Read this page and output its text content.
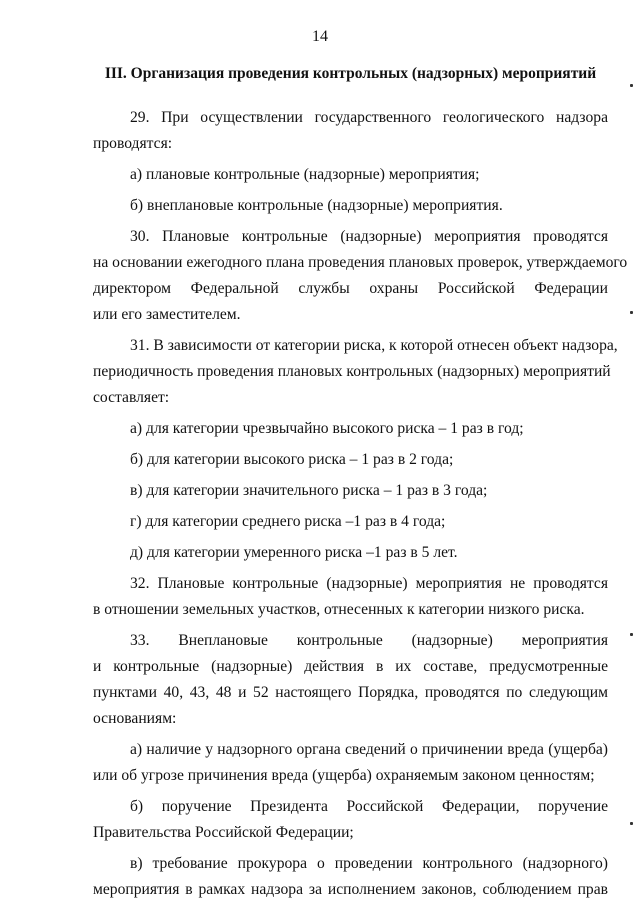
14
III. Организация проведения контрольных (надзорных) мероприятий
29. При осуществлении государственного геологического надзора
проводятся:

а) плановые контрольные (надзорные) мероприятия;

б) внеплановые контрольные (надзорные) мероприятия.

30. Плановые контрольные (надзорные) мероприятия проводятся
на основании ежегодного плана проведения плановых проверок, утверждаемого
директором Федеральной службы охраны Российской Федерации
или его заместителем.
31. В зависимости от категории риска, к которой отнесен объект надзора,
периодичность проведения плановых контрольных (надзорных) мероприятий
составляет:

а) для категории чрезвычайно высокого риска – 1 раз в год;

б) для категории высокого риска – 1 раз в 2 года;

в) для категории значительного риска – 1 раз в 3 года;

г) для категории среднего риска –1 раз в 4 года;

д) для категории умеренного риска –1 раз в 5 лет.

32. Плановые контрольные (надзорные) мероприятия не проводятся
в отношении земельных участков, отнесенных к категории низкого риска.
33. Внеплановые контрольные (надзорные) мероприятия
и контрольные (надзорные) действия в их составе, предусмотренные
пунктами 40, 43, 48 и 52 настоящего Порядка, проводятся по следующим
основаниям:
а) наличие у надзорного органа сведений о причинении вреда (ущерба)
или об угрозе причинения вреда (ущерба) охраняемым законом ценностям;
б) поручение Президента Российской Федерации, поручение
Правительства Российской Федерации;
в) требование прокурора о проведении контрольного (надзорного)
мероприятия в рамках надзора за исполнением законов, соблюдением прав
